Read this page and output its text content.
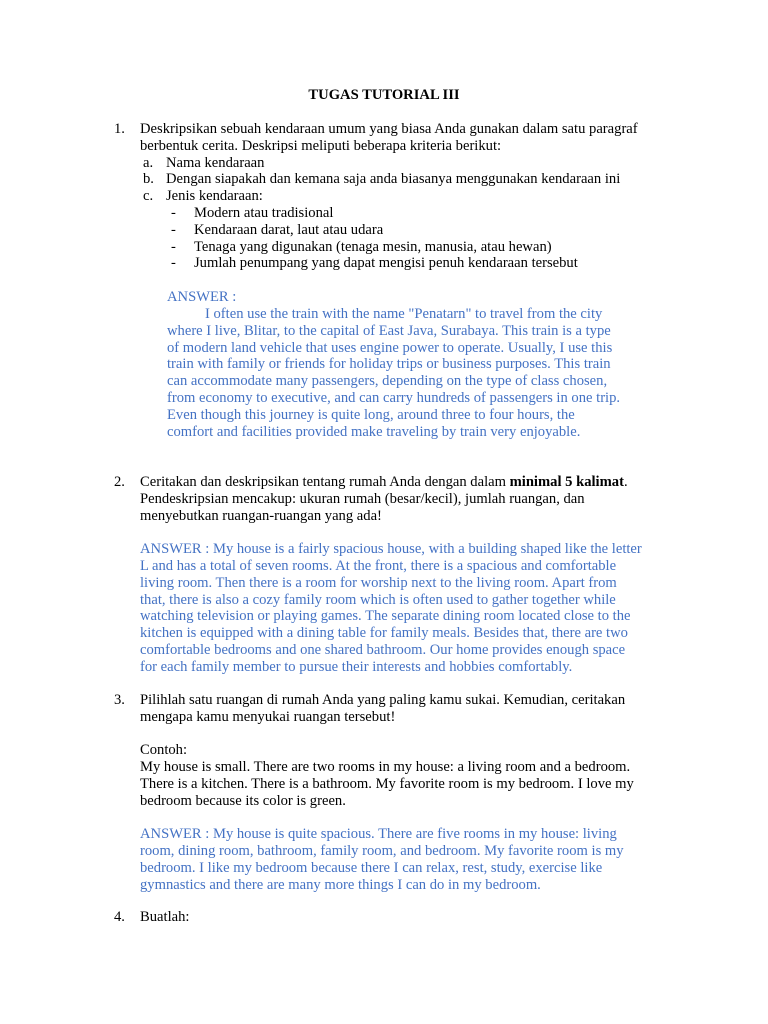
TUGAS TUTORIAL III
1. Deskripsikan sebuah kendaraan umum yang biasa Anda gunakan dalam satu paragraf
berbentuk cerita. Deskripsi meliputi beberapa kriteria berikut:
a. Nama kendaraan
b. Dengan siapakah dan kemana saja anda biasanya menggunakan kendaraan ini
c. Jenis kendaraan:
- Modern atau tradisional
- Kendaraan darat, laut atau udara
- Tenaga yang digunakan (tenaga mesin, manusia, atau hewan)
- Jumlah penumpang yang dapat mengisi penuh kendaraan tersebut
ANSWER :
I often use the train with the name "Penatarn" to travel from the city
where I live, Blitar, to the capital of East Java, Surabaya. This train is a type
of modern land vehicle that uses engine power to operate. Usually, I use this
train with family or friends for holiday trips or business purposes. This train
can accommodate many passengers, depending on the type of class chosen,
from economy to executive, and can carry hundreds of passengers in one trip.
Even though this journey is quite long, around three to four hours, the
comfort and facilities provided make traveling by train very enjoyable.
2. Ceritakan dan deskripsikan tentang rumah Anda dengan dalam minimal 5 kalimat.
Pendeskripsian mencakup: ukuran rumah (besar/kecil), jumlah ruangan, dan
menyebutkan ruangan-ruangan yang ada!
ANSWER : My house is a fairly spacious house, with a building shaped like the letter
L and has a total of seven rooms. At the front, there is a spacious and comfortable
living room. Then there is a room for worship next to the living room. Apart from
that, there is also a cozy family room which is often used to gather together while
watching television or playing games. The separate dining room located close to the
kitchen is equipped with a dining table for family meals. Besides that, there are two
comfortable bedrooms and one shared bathroom. Our home provides enough space
for each family member to pursue their interests and hobbies comfortably.
3. Pilihlah satu ruangan di rumah Anda yang paling kamu sukai. Kemudian, ceritakan
mengapa kamu menyukai ruangan tersebut!
Contoh:
My house is small. There are two rooms in my house: a living room and a bedroom.
There is a kitchen. There is a bathroom. My favorite room is my bedroom. I love my
bedroom because its color is green.
ANSWER : My house is quite spacious. There are five rooms in my house: living
room, dining room, bathroom, family room, and bedroom. My favorite room is my
bedroom. I like my bedroom because there I can relax, rest, study, exercise like
gymnastics and there are many more things I can do in my bedroom.
4. Buatlah:
